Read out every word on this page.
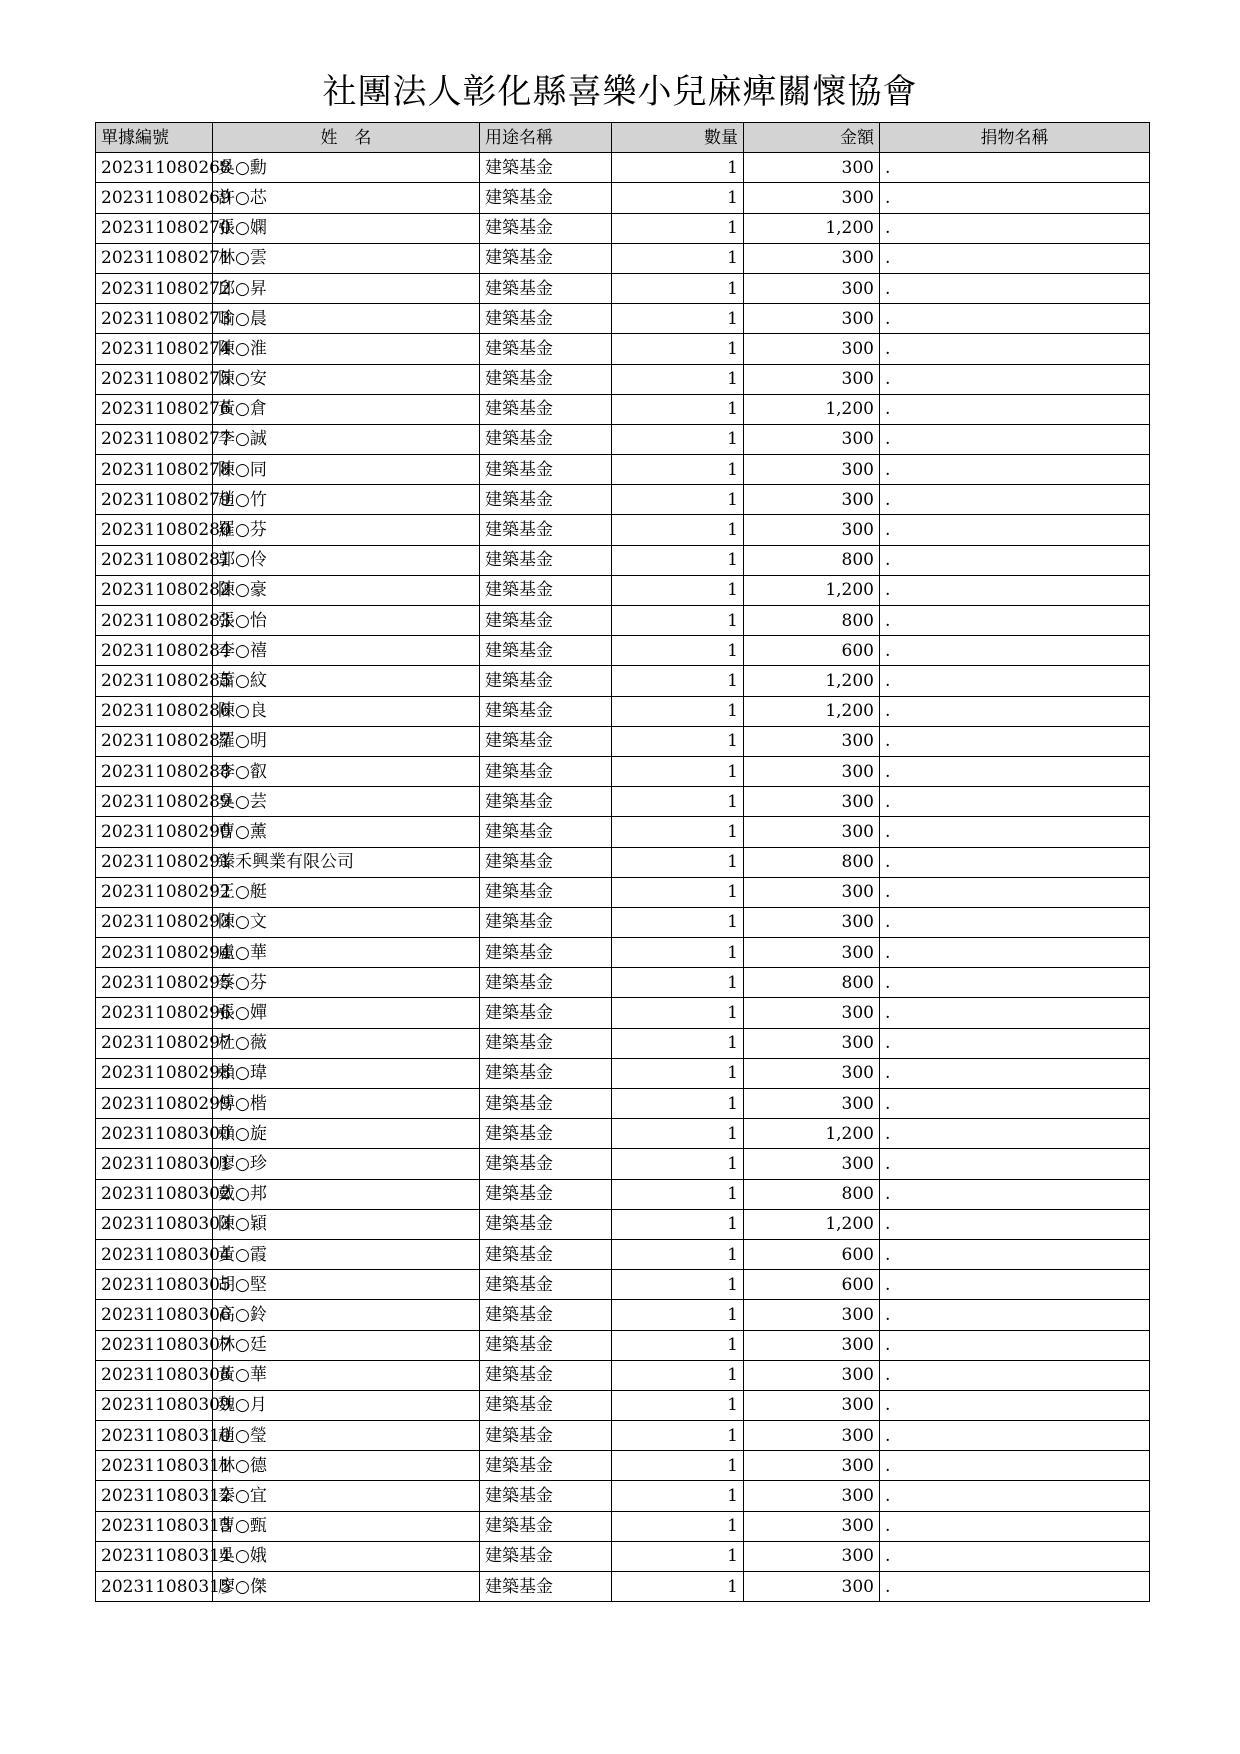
社團法人彰化縣喜樂小兒麻痺關懷協會
單據編號	姓　名	用途名稱	數量	金額	捐物名稱
202311080268	吳○勳	建築基金	1	300	.
202311080269	許○芯	建築基金	1	300	.
202311080270	張○嫻	建築基金	1	1,200	.
202311080271	林○雲	建築基金	1	300	.
202311080272	邱○昇	建築基金	1	300	.
202311080273	喻○晨	建築基金	1	300	.
202311080274	陳○淮	建築基金	1	300	.
202311080275	陳○安	建築基金	1	300	.
202311080276	黃○倉	建築基金	1	1,200	.
202311080277	李○誠	建築基金	1	300	.
202311080278	陳○同	建築基金	1	300	.
202311080279	趙○竹	建築基金	1	300	.
202311080280	羅○芬	建築基金	1	300	.
202311080281	郭○伶	建築基金	1	800	.
202311080282	陳○豪	建築基金	1	1,200	.
202311080283	張○怡	建築基金	1	800	.
202311080284	李○禧	建築基金	1	600	.
202311080285	蕭○紋	建築基金	1	1,200	.
202311080286	陳○良	建築基金	1	1,200	.
202311080287	羅○明	建築基金	1	300	.
202311080288	李○叡	建築基金	1	300	.
202311080289	吳○芸	建築基金	1	300	.
202311080290	曹○薰	建築基金	1	300	.
202311080291	臻禾興業有限公司	建築基金	1	800	.
202311080292	王○艇	建築基金	1	300	.
202311080293	陳○文	建築基金	1	300	.
202311080294	盧○華	建築基金	1	300	.
202311080295	蔡○芬	建築基金	1	800	.
202311080296	張○嬋	建築基金	1	300	.
202311080297	杜○薇	建築基金	1	300	.
202311080298	賴○瑋	建築基金	1	300	.
202311080299	傅○楷	建築基金	1	300	.
202311080300	賴○旋	建築基金	1	1,200	.
202311080301	廖○珍	建築基金	1	300	.
202311080302	戴○邦	建築基金	1	800	.
202311080303	陳○穎	建築基金	1	1,200	.
202311080304	黃○霞	建築基金	1	600	.
202311080305	胡○堅	建築基金	1	600	.
202311080306	高○鈴	建築基金	1	300	.
202311080307	林○廷	建築基金	1	300	.
202311080308	黃○華	建築基金	1	300	.
202311080309	魏○月	建築基金	1	300	.
202311080310	趙○瑩	建築基金	1	300	.
202311080311	林○德	建築基金	1	300	.
202311080312	秦○宜	建築基金	1	300	.
202311080313	曹○甄	建築基金	1	300	.
202311080314	吳○娥	建築基金	1	300	.
202311080315	廖○傑	建築基金	1	300	.
